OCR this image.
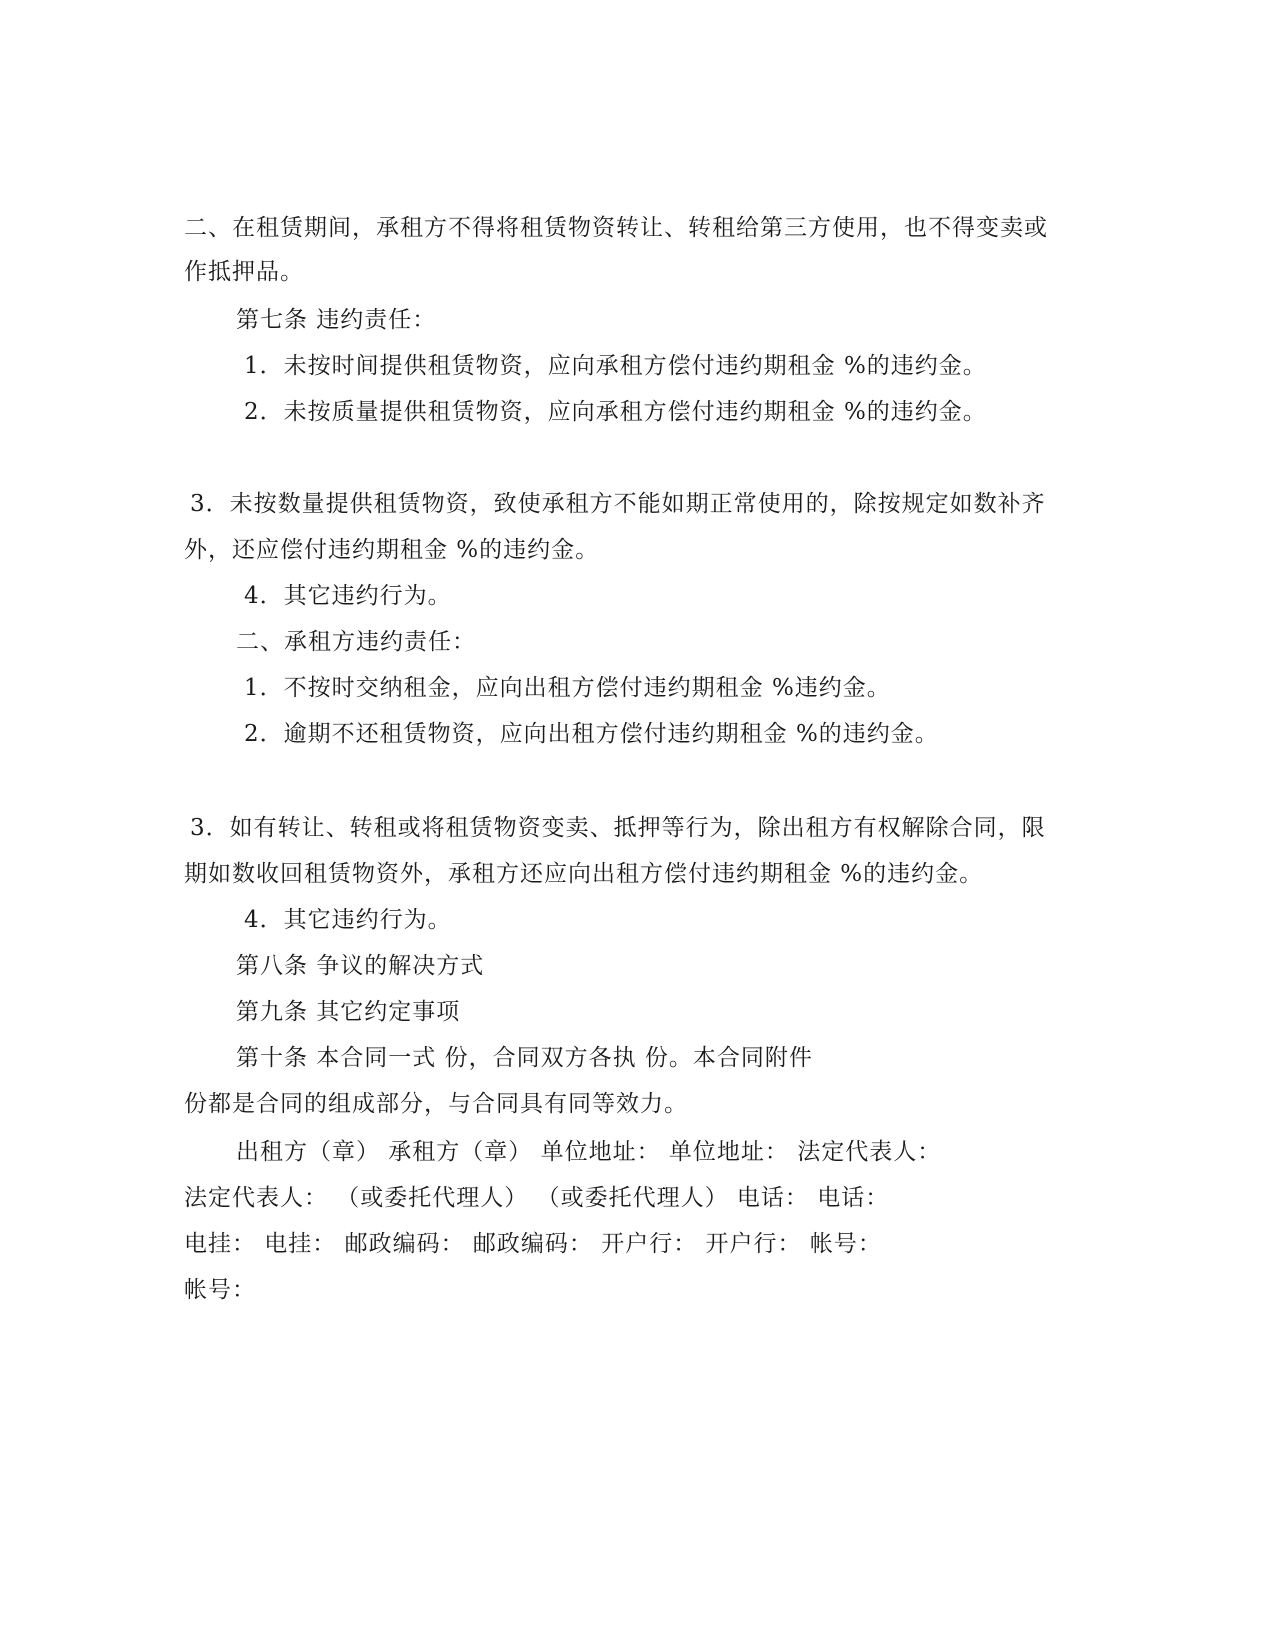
二、在租赁期间，承租方不得将租赁物资转让、转租给第三方使用，也不得变卖或
作抵押品。
第七条 违约责任：
1．未按时间提供租赁物资，应向承租方偿付违约期租金 %的违约金。
2．未按质量提供租赁物资，应向承租方偿付违约期租金 %的违约金。
3．未按数量提供租赁物资，致使承租方不能如期正常使用的，除按规定如数补齐
外，还应偿付违约期租金 %的违约金。
4．其它违约行为。
二、承租方违约责任：
1．不按时交纳租金，应向出租方偿付违约期租金 %违约金。
2．逾期不还租赁物资，应向出租方偿付违约期租金 %的违约金。
3．如有转让、转租或将租赁物资变卖、抵押等行为，除出租方有权解除合同，限
期如数收回租赁物资外，承租方还应向出租方偿付违约期租金 %的违约金。
4．其它违约行为。
第八条 争议的解决方式
第九条 其它约定事项
第十条 本合同一式 份，合同双方各执 份。本合同附件
份都是合同的组成部分，与合同具有同等效力。
出租方（章） 承租方（章） 单位地址： 单位地址： 法定代表人：
法定代表人： （或委托代理人） （或委托代理人） 电话： 电话：
电挂： 电挂： 邮政编码： 邮政编码： 开户行： 开户行： 帐号：
帐号：
